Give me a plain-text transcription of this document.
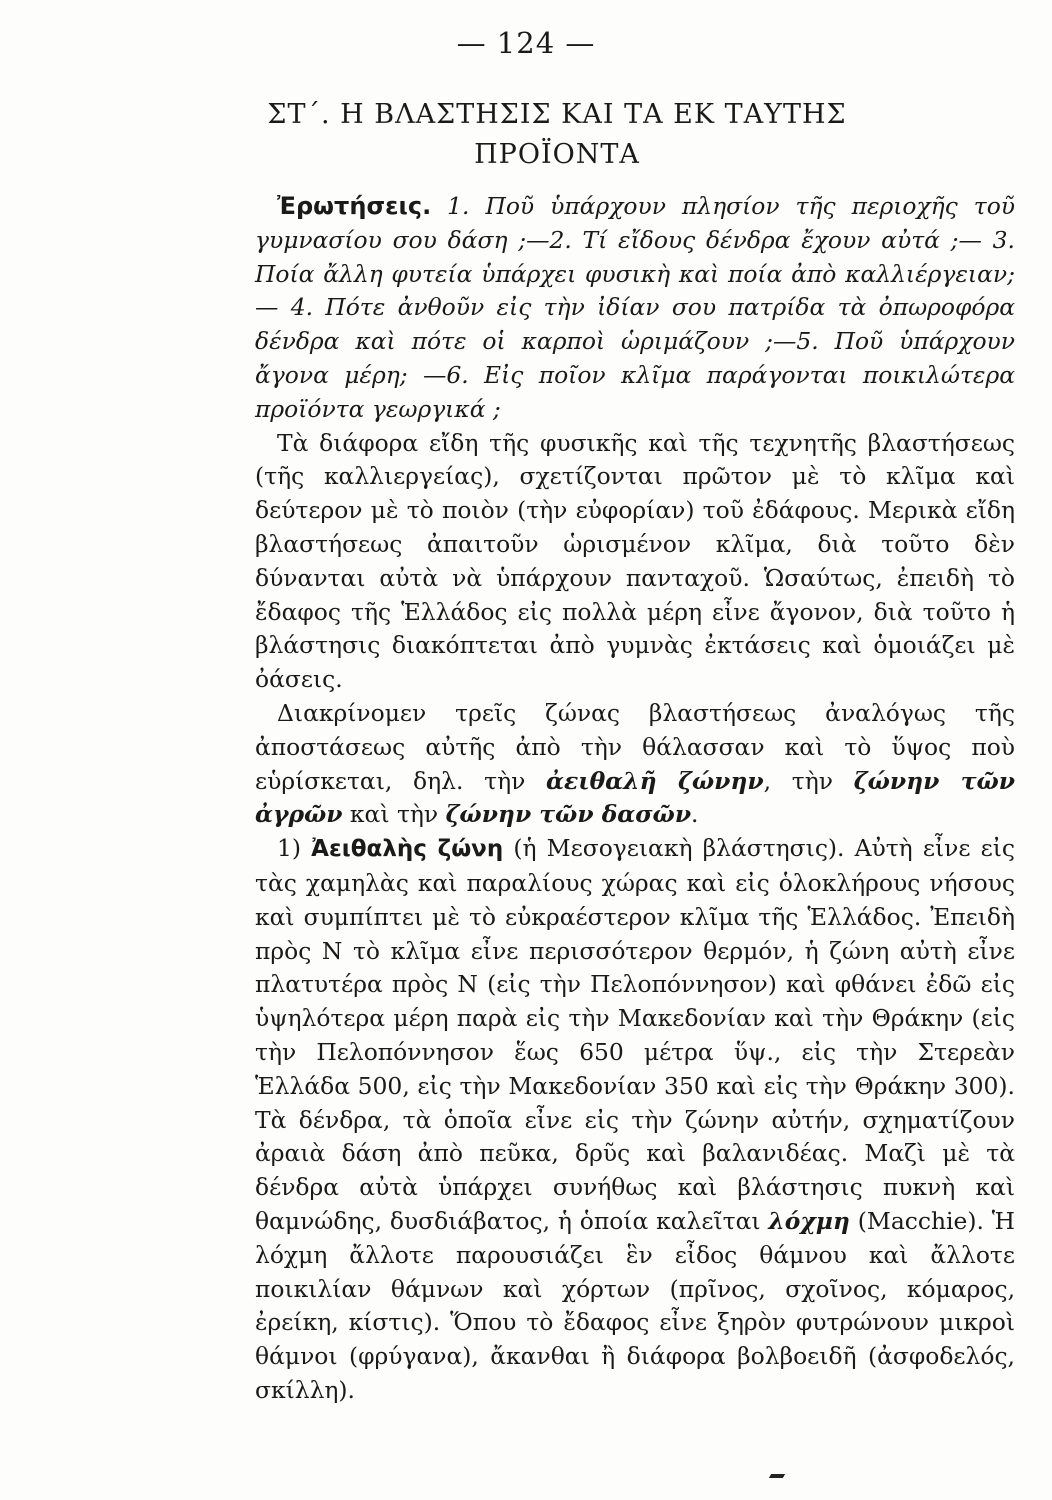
— 124 —
ΣΤ΄. Η ΒΛΑΣΤΗΣΙΣ ΚΑΙ ΤΑ ΕΚ ΤΑΥΤΗΣ
ΠΡΟΪΟΝΤΑ

Ἐρωτήσεις. 1. Ποῦ ὑπάρχουν πλησίον τῆς περιοχῆς τοῦ γυμνασίου σου δάση ;—2. Τί εἴδους δένδρα ἔχουν αὐτά ;— 3. Ποία ἄλλη φυτεία ὑπάρχει φυσικὴ καὶ ποία ἀπὸ καλλιέργειαν;— 4. Πότε ἀνθοῦν εἰς τὴν ἰδίαν σου πατρίδα τὰ ὀπωροφόρα δένδρα καὶ πότε οἱ καρποὶ ὡριμάζουν ;—5. Ποῦ ὑπάρχουν ἄγονα μέρη; —6. Εἰς ποῖον κλῖμα παράγονται ποικιλώτερα προϊόντα γεωργικά ;

Τὰ διάφορα εἴδη τῆς φυσικῆς καὶ τῆς τεχνητῆς βλαστήσεως (τῆς καλλιεργείας), σχετίζονται πρῶτον μὲ τὸ κλῖμα καὶ δεύτερον μὲ τὸ ποιὸν (τὴν εὐφορίαν) τοῦ ἐδάφους. Μερικὰ εἴδη βλαστήσεως ἀπαιτοῦν ὡρισμένον κλῖμα, διὰ τοῦτο δὲν δύνανται αὐτὰ νὰ ὑπάρχουν πανταχοῦ. Ὡσαύτως, ἐπειδὴ τὸ ἔδαφος τῆς Ἑλλάδος εἰς πολλὰ μέρη εἶνε ἄγονον, διὰ τοῦτο ἡ βλάστησις διακόπτεται ἀπὸ γυμνὰς ἐκτάσεις καὶ ὁμοιάζει μὲ ὀάσεις.

Διακρίνομεν τρεῖς ζώνας βλαστήσεως ἀναλόγως τῆς ἀποστάσεως αὐτῆς ἀπὸ τὴν θάλασσαν καὶ τὸ ὕψος ποὺ εὑρίσκεται, δηλ. τὴν ἀειθαλῆ ζώνην, τὴν ζώνην τῶν ἀγρῶν καὶ τὴν ζώνην τῶν δασῶν.

1) Ἀειθαλὴς ζώνη (ἡ Μεσογειακὴ βλάστησις). Αὐτὴ εἶνε εἰς τὰς χαμηλὰς καὶ παραλίους χώρας καὶ εἰς ὁλοκλήρους νήσους καὶ συμπίπτει μὲ τὸ εὐκραέστερον κλῖμα τῆς Ἑλλάδος. Ἐπειδὴ πρὸς Ν τὸ κλῖμα εἶνε περισσότερον θερμόν, ἡ ζώνη αὐτὴ εἶνε πλατυτέρα πρὸς Ν (εἰς τὴν Πελοπόννησον) καὶ φθάνει ἐδῶ εἰς ὑψηλότερα μέρη παρὰ εἰς τὴν Μακεδονίαν καὶ τὴν Θράκην (εἰς τὴν Πελοπόννησον ἕως 650 μέτρα ὕψ., εἰς τὴν Στερεὰν Ἑλλάδα 500, εἰς τὴν Μακεδονίαν 350 καὶ εἰς τὴν Θράκην 300). Τὰ δένδρα, τὰ ὁποῖα εἶνε εἰς τὴν ζώνην αὐτήν, σχηματίζουν ἀραιὰ δάση ἀπὸ πεῦκα, δρῦς καὶ βαλανιδέας. Μαζὶ μὲ τὰ δένδρα αὐτὰ ὑπάρχει συνήθως καὶ βλάστησις πυκνὴ καὶ θαμνώδης, δυσδιάβατος, ἡ ὁποία καλεῖται λόχμη (Macchie). Ἡ λόχμη ἄλλοτε παρουσιάζει ἓν εἶδος θάμνου καὶ ἄλλοτε ποικιλίαν θάμνων καὶ χόρτων (πρῖνος, σχοῖνος, κόμαρος, ἐρείκη, κίστις). Ὅπου τὸ ἔδαφος εἶνε ξηρὸν φυτρώνουν μικροὶ θάμνοι (φρύγανα), ἄκανθαι ἢ διάφορα βολβοειδῆ (ἀσφοδελός, σκίλλη).
